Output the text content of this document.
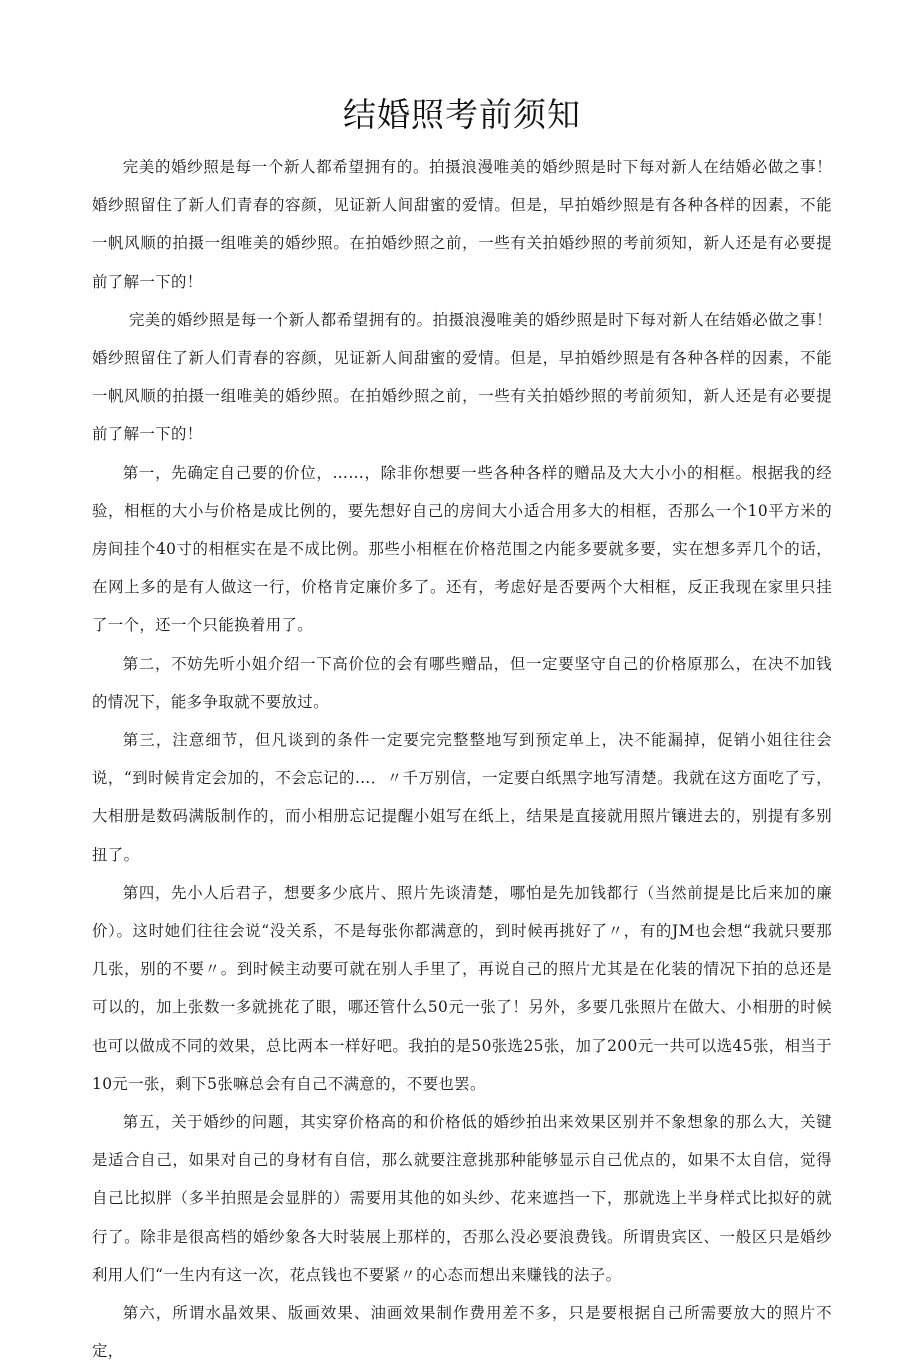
结婚照考前须知

完美的婚纱照是每一个新人都希望拥有的。拍摄浪漫唯美的婚纱照是时下每对新人在结婚必做之事！婚纱照留住了新人们青春的容颜，见证新人间甜蜜的爱情。但是，早拍婚纱照是有各种各样的因素，不能一帆风顺的拍摄一组唯美的婚纱照。在拍婚纱照之前，一些有关拍婚纱照的考前须知，新人还是有必要提前了解一下的！

完美的婚纱照是每一个新人都希望拥有的。拍摄浪漫唯美的婚纱照是时下每对新人在结婚必做之事！婚纱照留住了新人们青春的容颜，见证新人间甜蜜的爱情。但是，早拍婚纱照是有各种各样的因素，不能一帆风顺的拍摄一组唯美的婚纱照。在拍婚纱照之前，一些有关拍婚纱照的考前须知，新人还是有必要提前了解一下的！

第一，先确定自己要的价位，……，除非你想要一些各种各样的赠品及大大小小的相框。根据我的经验，相框的大小与价格是成比例的，要先想好自己的房间大小适合用多大的相框，否那么一个10平方米的房间挂个40寸的相框实在是不成比例。那些小相框在价格范围之内能多要就多要，实在想多弄几个的话，在网上多的是有人做这一行，价格肯定廉价多了。还有，考虑好是否要两个大相框，反正我现在家里只挂了一个，还一个只能换着用了。

第二，不妨先听小姐介绍一下高价位的会有哪些赠品，但一定要坚守自己的价格原那么，在决不加钱的情况下，能多争取就不要放过。

第三，注意细节，但凡谈到的条件一定要完完整整地写到预定单上，决不能漏掉，促销小姐往往会说，“到时候肯定会加的，不会忘记的…．〃千万别信，一定要白纸黑字地写清楚。我就在这方面吃了亏，大相册是数码满版制作的，而小相册忘记提醒小姐写在纸上，结果是直接就用照片镶进去的，别提有多别扭了。

第四，先小人后君子，想要多少底片、照片先谈清楚，哪怕是先加钱都行（当然前提是比后来加的廉价）。这时她们往往会说“没关系，不是每张你都满意的，到时候再挑好了〃，有的JM也会想“我就只要那几张，别的不要〃。到时候主动要可就在别人手里了，再说自己的照片尤其是在化装的情况下拍的总还是可以的，加上张数一多就挑花了眼，哪还管什么50元一张了！另外，多要几张照片在做大、小相册的时候也可以做成不同的效果，总比两本一样好吧。我拍的是50张选25张，加了200元一共可以选45张，相当于10元一张，剩下5张嘛总会有自己不满意的，不要也罢。

第五，关于婚纱的问题，其实穿价格高的和价格低的婚纱拍出来效果区别并不象想象的那么大，关键是适合自己，如果对自己的身材有自信，那么就要注意挑那种能够显示自己优点的，如果不太自信，觉得自己比拟胖（多半拍照是会显胖的）需要用其他的如头纱、花来遮挡一下，那就选上半身样式比拟好的就行了。除非是很高档的婚纱象各大时装展上那样的，否那么没必要浪费钱。所谓贵宾区、一般区只是婚纱利用人们“一生内有这一次，花点钱也不要紧〃的心态而想出来赚钱的法子。

第六，所谓水晶效果、版画效果、油画效果制作费用差不多，只是要根据自己所需要放大的照片不定，
